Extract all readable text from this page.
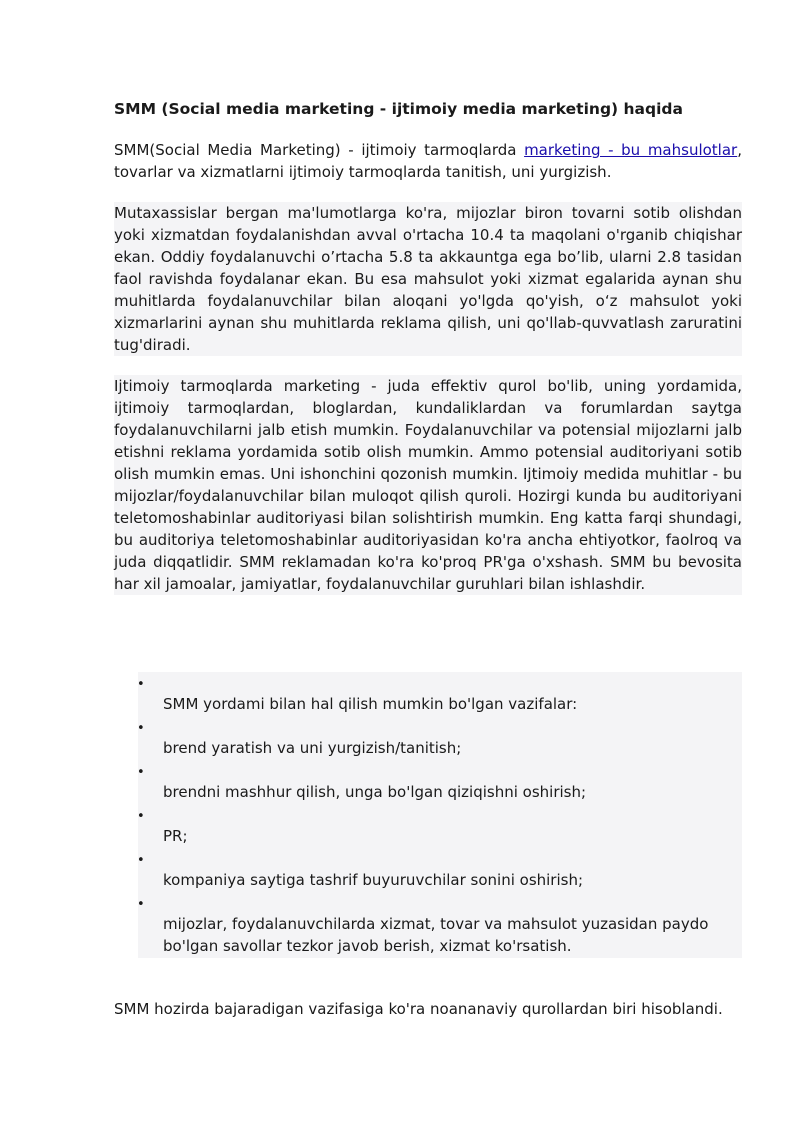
SMM (Social media marketing - ijtimoiy media marketing) haqida

SMM(Social Media Marketing) - ijtimoiy tarmoqlarda marketing - bu mahsulotlar, tovarlar va xizmatlarni ijtimoiy tarmoqlarda tanitish, uni yurgizish.

Mutaxassislar bergan ma'lumotlarga ko'ra, mijozlar biron tovarni sotib olishdan yoki xizmatdan foydalanishdan avval o'rtacha 10.4 ta maqolani o'rganib chiqishar ekan. Oddiy foydalanuvchi o’rtacha 5.8 ta akkauntga ega bo’lib, ularni 2.8 tasidan faol ravishda foydalanar ekan. Bu esa mahsulot yoki xizmat egalarida aynan shu muhitlarda foydalanuvchilar bilan aloqani yo'lgda qo'yish, o‘z mahsulot yoki xizmarlarini aynan shu muhitlarda reklama qilish, uni qo'llab-quvvatlash zaruratini tug'diradi.

Ijtimoiy tarmoqlarda marketing - juda effektiv qurol bo'lib, uning yordamida, ijtimoiy tarmoqlardan, bloglardan, kundaliklardan va forumlardan saytga foydalanuvchilarni jalb etish mumkin. Foydalanuvchilar va potensial mijozlarni jalb etishni reklama yordamida sotib olish mumkin. Ammo potensial auditoriyani sotib olish mumkin emas. Uni ishonchini qozonish mumkin. Ijtimoiy medida muhitlar - bu mijozlar/foydalanuvchilar bilan muloqot qilish quroli. Hozirgi kunda bu auditoriyani teletomoshabinlar auditoriyasi bilan solishtirish mumkin. Eng katta farqi shundagi, bu auditoriya teletomoshabinlar auditoriyasidan ko'ra ancha ehtiyotkor, faolroq va juda diqqatlidir. SMM reklamadan ko'ra ko'proq PR'ga o'xshash. SMM bu bevosita har xil jamoalar, jamiyatlar, foydalanuvchilar guruhlari bilan ishlashdir.

•

SMM yordami bilan hal qilish mumkin bo'lgan vazifalar:

•

brend yaratish va uni yurgizish/tanitish;

•

brendni mashhur qilish, unga bo'lgan qiziqishni oshirish;

•

PR;

•

kompaniya saytiga tashrif buyuruvchilar sonini oshirish;

•

mijozlar, foydalanuvchilarda xizmat, tovar va mahsulot yuzasidan paydo bo'lgan savollar tezkor javob berish, xizmat ko'rsatish.

SMM hozirda bajaradigan vazifasiga ko'ra noananaviy qurollardan biri hisoblandi.
